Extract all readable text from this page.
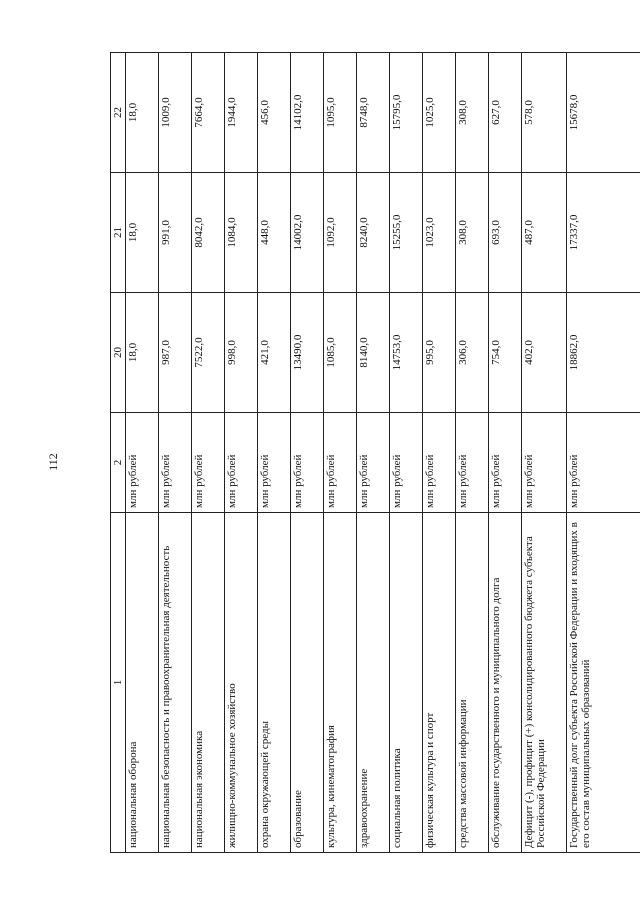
112
1	2	20	21	22
национальная оборона	млн рублей	18,0	18,0	18,0
национальная безопасность и правоохранительная деятельность	млн рублей	987,0	991,0	1009,0
национальная экономика	млн рублей	7522,0	8042,0	7664,0
жилищно-коммунальное хозяйство	млн рублей	998,0	1084,0	1944,0
охрана окружающей среды	млн рублей	421,0	448,0	456,0
образование	млн рублей	13490,0	14002,0	14102,0
культура, кинематография	млн рублей	1085,0	1092,0	1095,0
здравоохранение	млн рублей	8140,0	8240,0	8748,0
социальная политика	млн рублей	14753,0	15255,0	15795,0
физическая культура и спорт	млн рублей	995,0	1023,0	1025,0
средства массовой информации	млн рублей	306,0	308,0	308,0
обслуживание государственного и муниципального долга	млн рублей	754,0	693,0	627,0
Дефицит (-), профицит (+) консолидированного бюджета субъекта Российской Федерации	млн рублей	402,0	487,0	578,0
Государственный долг субъекта Российской Федерации и входящих в его состав муниципальных образований	млн рублей	18862,0	17337,0	15678,0
